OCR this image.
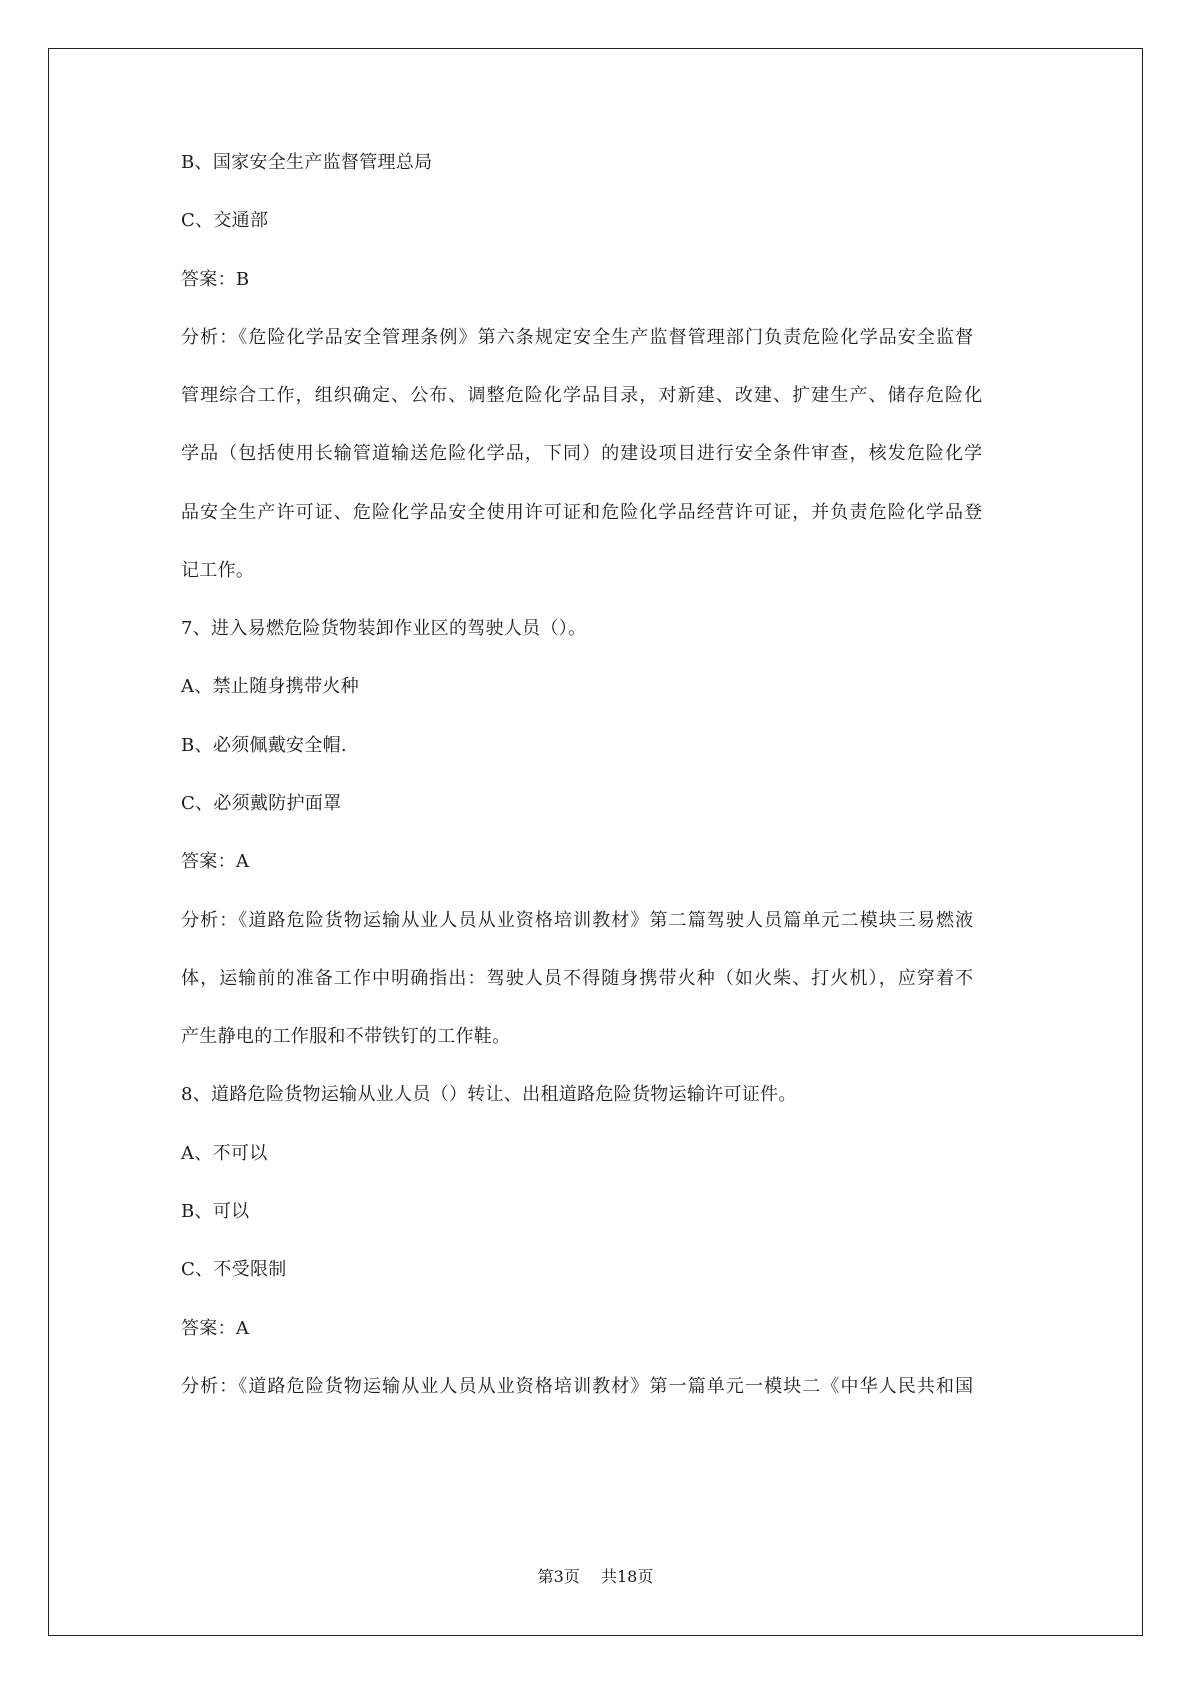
B、国家安全生产监督管理总局
C、交通部
答案：B
分析：《危险化学品安全管理条例》第六条规定安全生产监督管理部门负责危险化学品安全监督
管理综合工作，组织确定、公布、调整危险化学品目录，对新建、改建、扩建生产、储存危险化
学品（包括使用长输管道输送危险化学品，下同）的建设项目进行安全条件审查，核发危险化学
品安全生产许可证、危险化学品安全使用许可证和危险化学品经营许可证，并负责危险化学品登
记工作。
7、进入易燃危险货物装卸作业区的驾驶人员（）。
A、禁止随身携带火种
B、必须佩戴安全帽.
C、必须戴防护面罩
答案：A
分析：《道路危险货物运输从业人员从业资格培训教材》第二篇驾驶人员篇单元二模块三易燃液
体，运输前的准备工作中明确指出：驾驶人员不得随身携带火种（如火柴、打火机），应穿着不
产生静电的工作服和不带铁钉的工作鞋。
8、道路危险货物运输从业人员（）转让、出租道路危险货物运输许可证件。
A、不可以
B、可以
C、不受限制
答案：A
分析：《道路危险货物运输从业人员从业资格培训教材》第一篇单元一模块二《中华人民共和国
第3页 共18页
